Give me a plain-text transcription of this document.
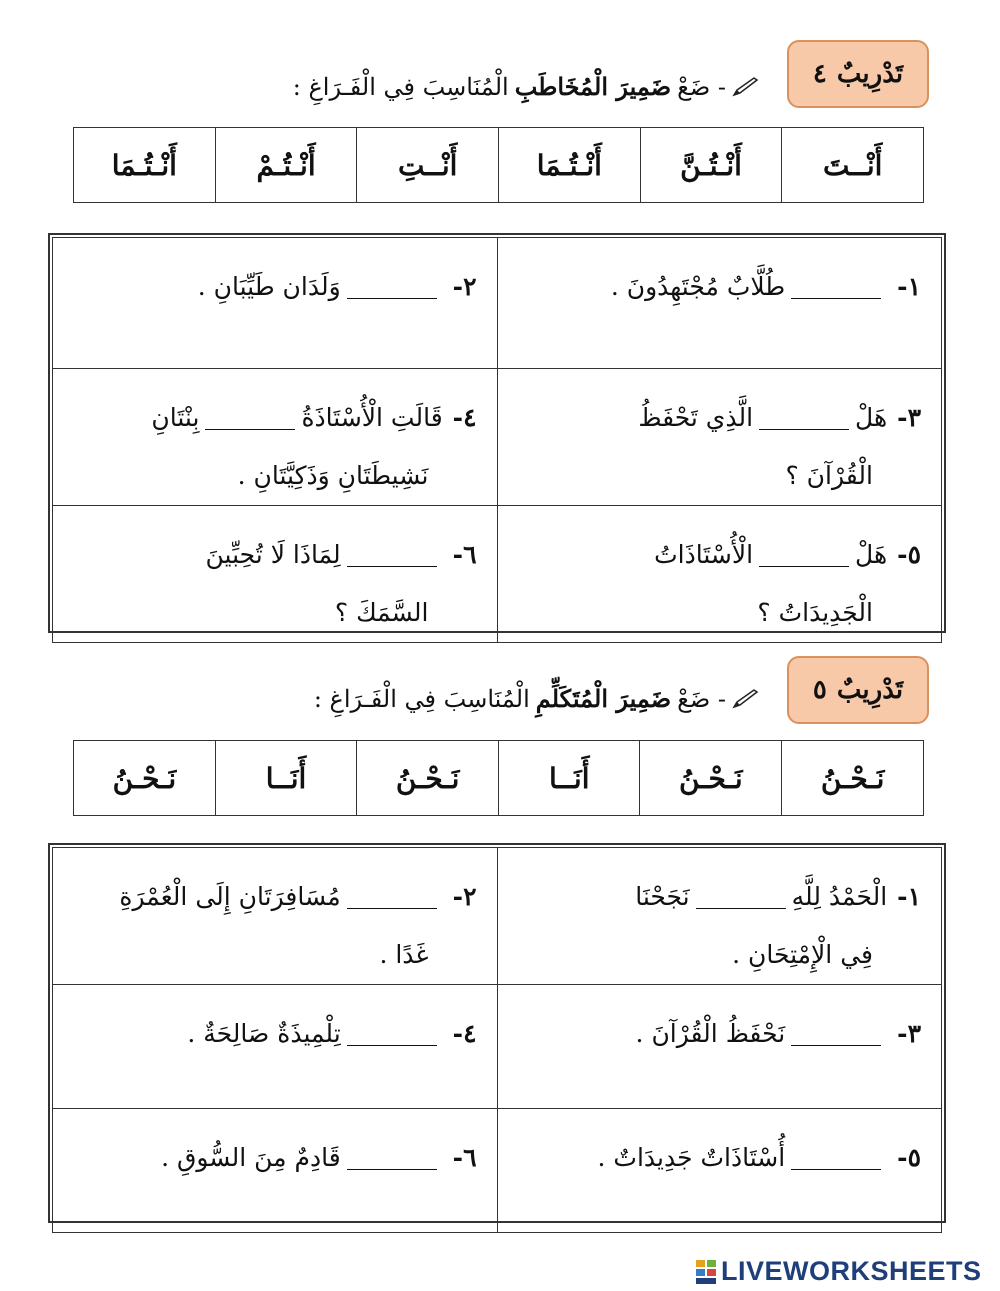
تَدْرِيبٌ
٤
- ضَعْ
ضَمِيرَ الْمُخَاطَبِ
الْمُنَاسِبَ فِي الْفَـرَاغِ :
أَنْــتَ	أَنْـتُـنَّ	أَنْـتُـمَا	أَنْــتِ	أَنْـتُـمْ	أَنْـتُـمَا
١-طُلَّابٌ مُجْتَهِدُونَ .	٢-وَلَدَان طَيِّبَانِ .
٣-هَلْالَّذِي تَحْفَظُ
الْقُرْآنَ ؟	٤-قَالَتِ الْأُسْتَاذَةُبِنْتَانِ
نَشِيطَتَانِ وَذَكِيَّتَانِ .
٥-هَلْالْأُسْتَاذَاتُ
الْجَدِيدَاتُ ؟	٦-لِمَاذَا لَا تُحِبِّينَ
السَّمَكَ ؟
تَدْرِيبٌ
٥
- ضَعْ
ضَمِيرَ الْمُتَكَلِّمِ
الْمُنَاسِبَ فِي الْفَـرَاغِ :
نَـحْـنُ	نَـحْـنُ	أَنَــا	نَـحْـنُ	أَنَــا	نَـحْـنُ
١-الْحَمْدُ لِلَّهِنَجَحْنَا
فِي الْإِمْتِحَانِ .	٢-مُسَافِرَتَانِ إِلَى الْعُمْرَةِ
غَدًا .
٣-نَحْفَظُ الْقُرْآنَ .	٤-تِلْمِيذَةٌ صَالِحَةٌ .
٥-أُسْتَاذَاتٌ جَدِيدَاتٌ .	٦-قَادِمٌ مِنَ السُّوقِ .
LIVEWORKSHEETS
